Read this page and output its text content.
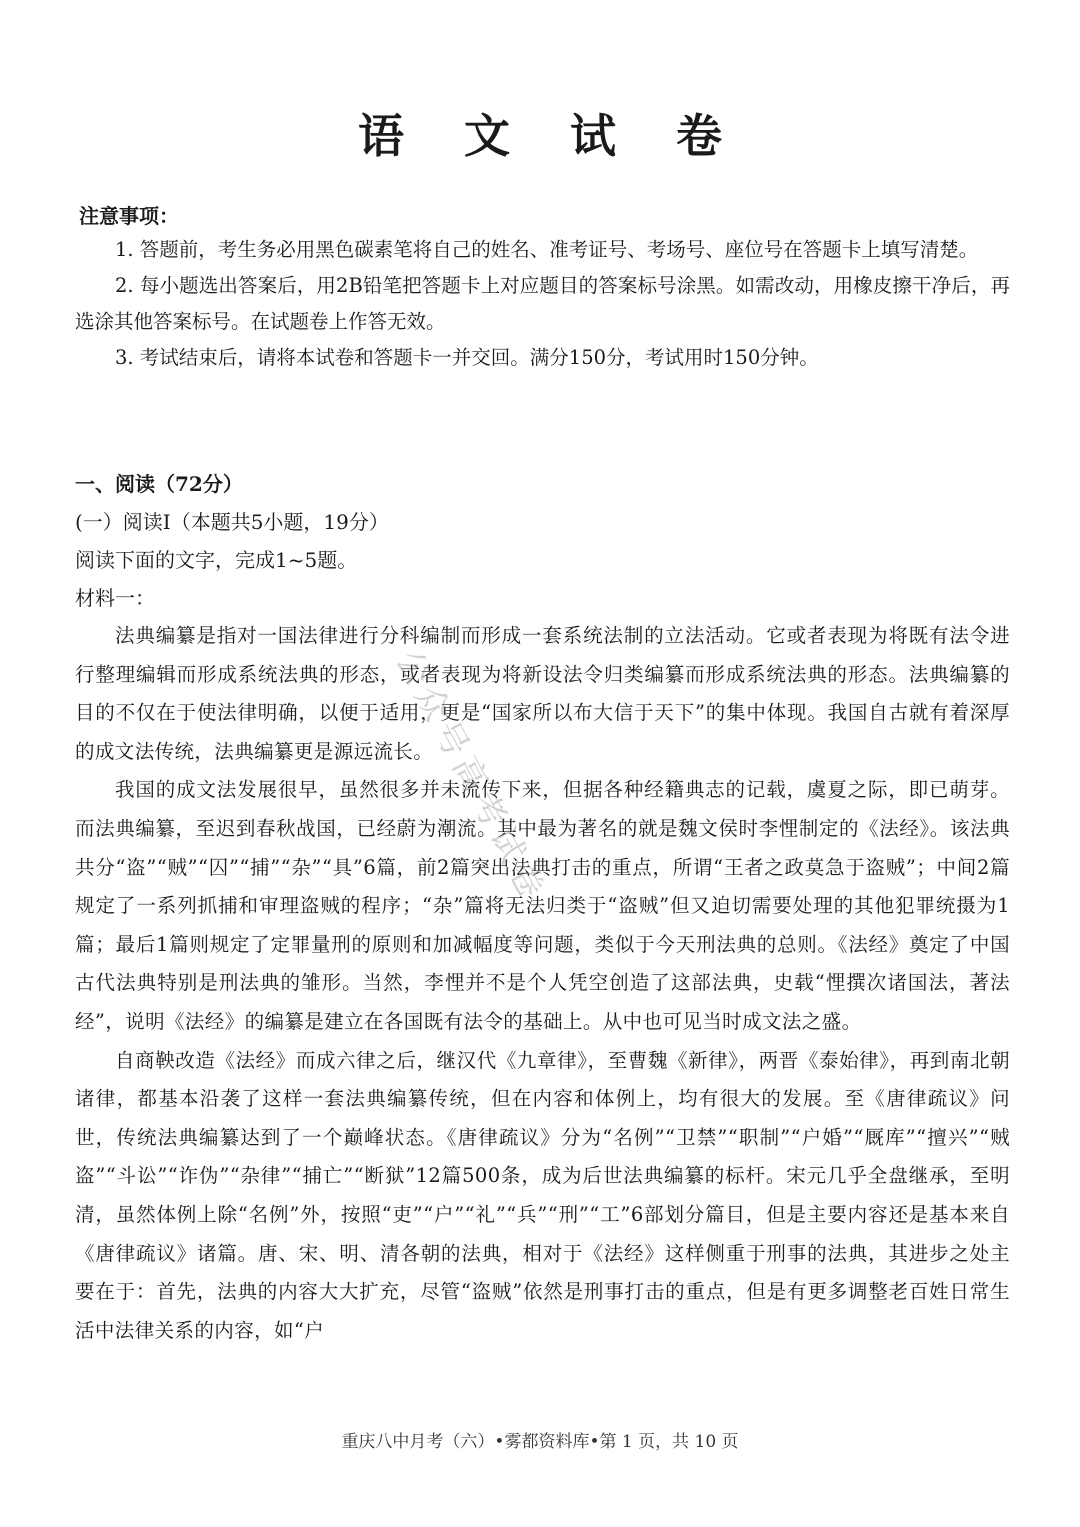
语 文 试 卷
注意事项：
1. 答题前，考生务必用黑色碳素笔将自己的姓名、准考证号、考场号、座位号在答题卡上填写清楚。
2. 每小题选出答案后，用2B铅笔把答题卡上对应题目的答案标号涂黑。如需改动，用橡皮擦干净后，再选涂其他答案标号。在试题卷上作答无效。
3. 考试结束后，请将本试卷和答题卡一并交回。满分150分，考试用时150分钟。
一、阅读（72分）
(一）阅读Ⅰ（本题共5小题，19分）
阅读下面的文字，完成1~5题。
材料一：
法典编纂是指对一国法律进行分科编制而形成一套系统法制的立法活动。它或者表现为将既有法令进行整理编辑而形成系统法典的形态，或者表现为将新设法令归类编纂而形成系统法典的形态。法典编纂的目的不仅在于使法律明确，以便于适用，更是“国家所以布大信于天下”的集中体现。我国自古就有着深厚的成文法传统，法典编纂更是源远流长。
我国的成文法发展很早，虽然很多并未流传下来，但据各种经籍典志的记载，虞夏之际，即已萌芽。而法典编纂，至迟到春秋战国，已经蔚为潮流。其中最为著名的就是魏文侯时李悝制定的《法经》。该法典共分“盗”“贼”“囚”“捕”“杂”“具”6篇，前2篇突出法典打击的重点，所谓“王者之政莫急于盗贼”；中间2篇规定了一系列抓捕和审理盗贼的程序；“杂”篇将无法归类于“盗贼”但又迫切需要处理的其他犯罪统摄为1篇；最后1篇则规定了定罪量刑的原则和加减幅度等问题，类似于今天刑法典的总则。《法经》奠定了中国古代法典特别是刑法典的雏形。当然，李悝并不是个人凭空创造了这部法典，史载“悝撰次诸国法，著法经”，说明《法经》的编纂是建立在各国既有法令的基础上。从中也可见当时成文法之盛。
自商鞅改造《法经》而成六律之后，继汉代《九章律》，至曹魏《新律》，两晋《泰始律》，再到南北朝诸律，都基本沿袭了这样一套法典编纂传统，但在内容和体例上，均有很大的发展。至《唐律疏议》问世，传统法典编纂达到了一个巅峰状态。《唐律疏议》分为“名例”“卫禁”“职制”“户婚”“厩库”“擅兴”“贼盗”“斗讼”“诈伪”“杂律”“捕亡”“断狱”12篇500条，成为后世法典编纂的标杆。宋元几乎全盘继承，至明清，虽然体例上除“名例”外，按照“吏”“户”“礼”“兵”“刑”“工”6部划分篇目，但是主要内容还是基本来自《唐律疏议》诸篇。唐、宋、明、清各朝的法典，相对于《法经》这样侧重于刑事的法典，其进步之处主要在于：首先，法典的内容大大扩充，尽管“盗贼”依然是刑事打击的重点，但是有更多调整老百姓日常生活中法律关系的内容，如“户
公众号高考试卷
重庆八中月考（六）•雾都资料库•第 1 页，共 10 页
